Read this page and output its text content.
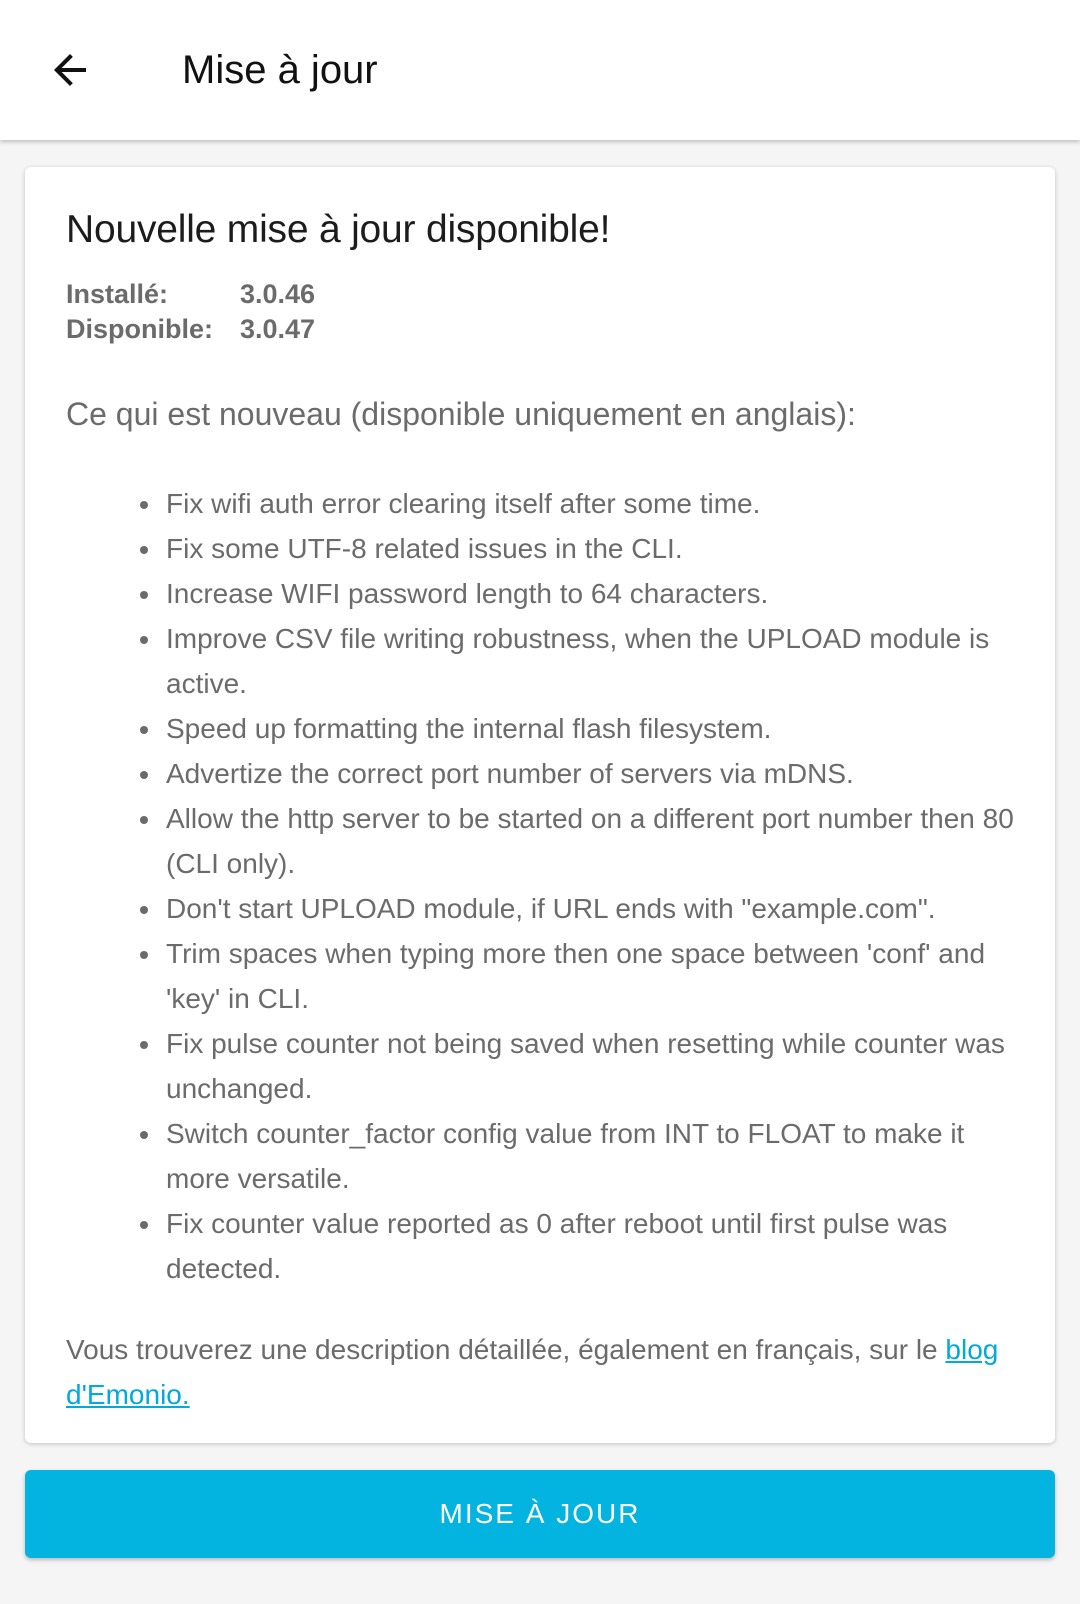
Mise à jour
Nouvelle mise à jour disponible!
Installé:	3.0.46
Disponible:	3.0.47
Ce qui est nouveau (disponible uniquement en anglais):
Fix wifi auth error clearing itself after some time.
Fix some UTF-8 related issues in the CLI.
Increase WIFI password length to 64 characters.
Improve CSV file writing robustness, when the UPLOAD module is active.
Speed up formatting the internal flash filesystem.
Advertize the correct port number of servers via mDNS.
Allow the http server to be started on a different port number then 80 (CLI only).
Don't start UPLOAD module, if URL ends with "example.com".
Trim spaces when typing more then one space between 'conf' and 'key' in CLI.
Fix pulse counter not being saved when resetting while counter was unchanged.
Switch counter_factor config value from INT to FLOAT to make it more versatile.
Fix counter value reported as 0 after reboot until first pulse was detected.
Vous trouverez une description détaillée, également en français, sur le blog d'Emonio.
MISE À JOUR
